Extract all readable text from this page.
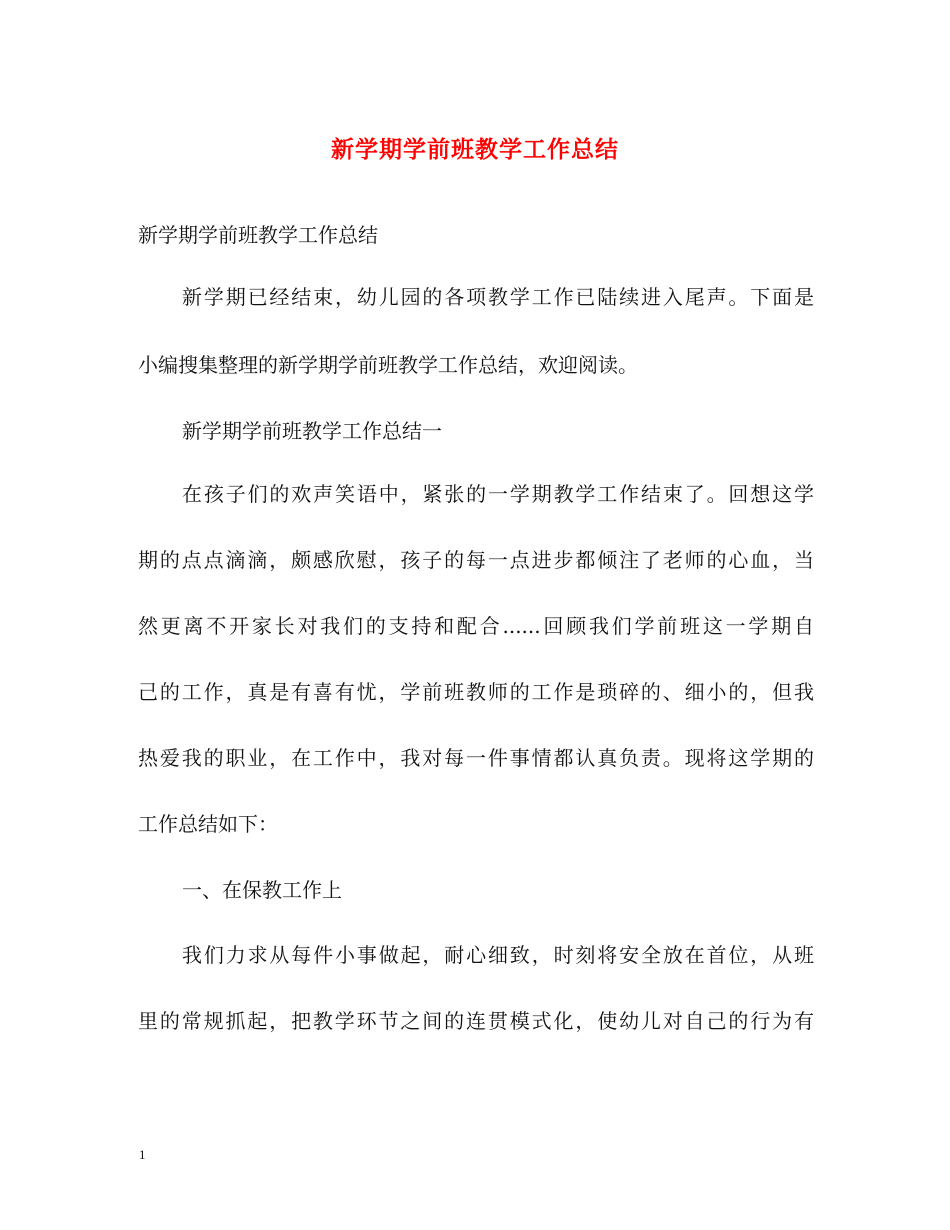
新学期学前班教学工作总结
新学期学前班教学工作总结
新学期已经结束，幼儿园的各项教学工作已陆续进入尾声。下面是
小编搜集整理的新学期学前班教学工作总结，欢迎阅读。
新学期学前班教学工作总结一
在孩子们的欢声笑语中，紧张的一学期教学工作结束了。回想这学
期的点点滴滴，颇感欣慰，孩子的每一点进步都倾注了老师的心血，当
然更离不开家长对我们的支持和配合......回顾我们学前班这一学期自
己的工作，真是有喜有忧，学前班教师的工作是琐碎的、细小的，但我
热爱我的职业，在工作中，我对每一件事情都认真负责。现将这学期的
工作总结如下：
一、在保教工作上
我们力求从每件小事做起，耐心细致，时刻将安全放在首位，从班
里的常规抓起，把教学环节之间的连贯模式化，使幼儿对自己的行为有
1
